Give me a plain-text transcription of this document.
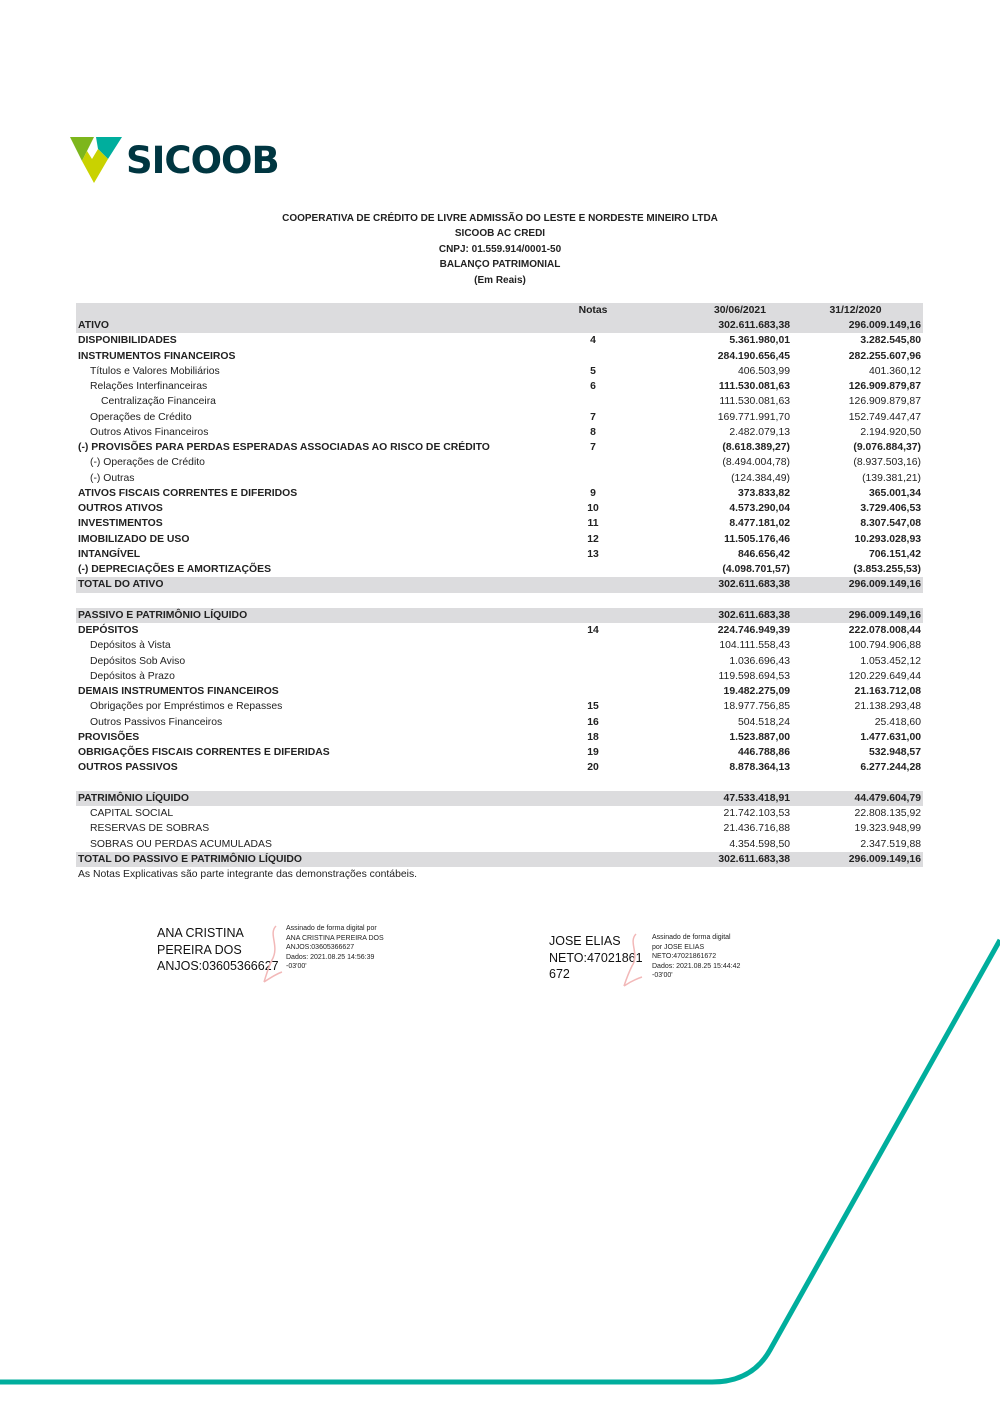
SICOOB
COOPERATIVA DE CRÉDITO DE LIVRE ADMISSÃO DO LESTE E NORDESTE MINEIRO LTDA
SICOOB AC CREDI
CNPJ: 01.559.914/0001-50
BALANÇO PATRIMONIAL
(Em Reais)
Notas	30/06/2021	31/12/2020
ATIVO	302.611.683,38	296.009.149,16
DISPONIBILIDADES	4	5.361.980,01	3.282.545,80
INSTRUMENTOS FINANCEIROS	284.190.656,45	282.255.607,96
Títulos e Valores Mobiliários	5	406.503,99	401.360,12
Relações Interfinanceiras	6	111.530.081,63	126.909.879,87
Centralização Financeira	111.530.081,63	126.909.879,87
Operações de Crédito	7	169.771.991,70	152.749.447,47
Outros Ativos Financeiros	8	2.482.079,13	2.194.920,50
(-) PROVISÕES PARA PERDAS ESPERADAS ASSOCIADAS AO RISCO DE CRÉDITO	7	(8.618.389,27)	(9.076.884,37)
(-) Operações de Crédito	(8.494.004,78)	(8.937.503,16)
(-) Outras	(124.384,49)	(139.381,21)
ATIVOS FISCAIS CORRENTES E DIFERIDOS	9	373.833,82	365.001,34
OUTROS ATIVOS	10	4.573.290,04	3.729.406,53
INVESTIMENTOS	11	8.477.181,02	8.307.547,08
IMOBILIZADO DE USO	12	11.505.176,46	10.293.028,93
INTANGÍVEL	13	846.656,42	706.151,42
(-) DEPRECIAÇÕES E AMORTIZAÇÕES	(4.098.701,57)	(3.853.255,53)
TOTAL DO ATIVO	302.611.683,38	296.009.149,16
PASSIVO E PATRIMÔNIO LÍQUIDO	302.611.683,38	296.009.149,16
DEPÓSITOS	14	224.746.949,39	222.078.008,44
Depósitos à Vista	104.111.558,43	100.794.906,88
Depósitos Sob Aviso	1.036.696,43	1.053.452,12
Depósitos à Prazo	119.598.694,53	120.229.649,44
DEMAIS INSTRUMENTOS FINANCEIROS	19.482.275,09	21.163.712,08
Obrigações por Empréstimos e Repasses	15	18.977.756,85	21.138.293,48
Outros Passivos Financeiros	16	504.518,24	25.418,60
PROVISÕES	18	1.523.887,00	1.477.631,00
OBRIGAÇÕES FISCAIS CORRENTES E DIFERIDAS	19	446.788,86	532.948,57
OUTROS PASSIVOS	20	8.878.364,13	6.277.244,28
PATRIMÔNIO LÍQUIDO	47.533.418,91	44.479.604,79
CAPITAL SOCIAL	21.742.103,53	22.808.135,92
RESERVAS DE SOBRAS	21.436.716,88	19.323.948,99
SOBRAS OU PERDAS ACUMULADAS	4.354.598,50	2.347.519,88
TOTAL DO PASSIVO E PATRIMÔNIO LÍQUIDO	302.611.683,38	296.009.149,16
As Notas Explicativas são parte integrante das demonstrações contábeis.
ANA CRISTINA
PEREIRA DOS
ANJOS:03605366627
Assinado de forma digital por
ANA CRISTINA PEREIRA DOS
ANJOS:03605366627
Dados: 2021.08.25 14:56:39
-03'00'
JOSE ELIAS
NETO:47021861
672
Assinado de forma digital
por JOSE ELIAS
NETO:47021861672
Dados: 2021.08.25 15:44:42
-03'00'
